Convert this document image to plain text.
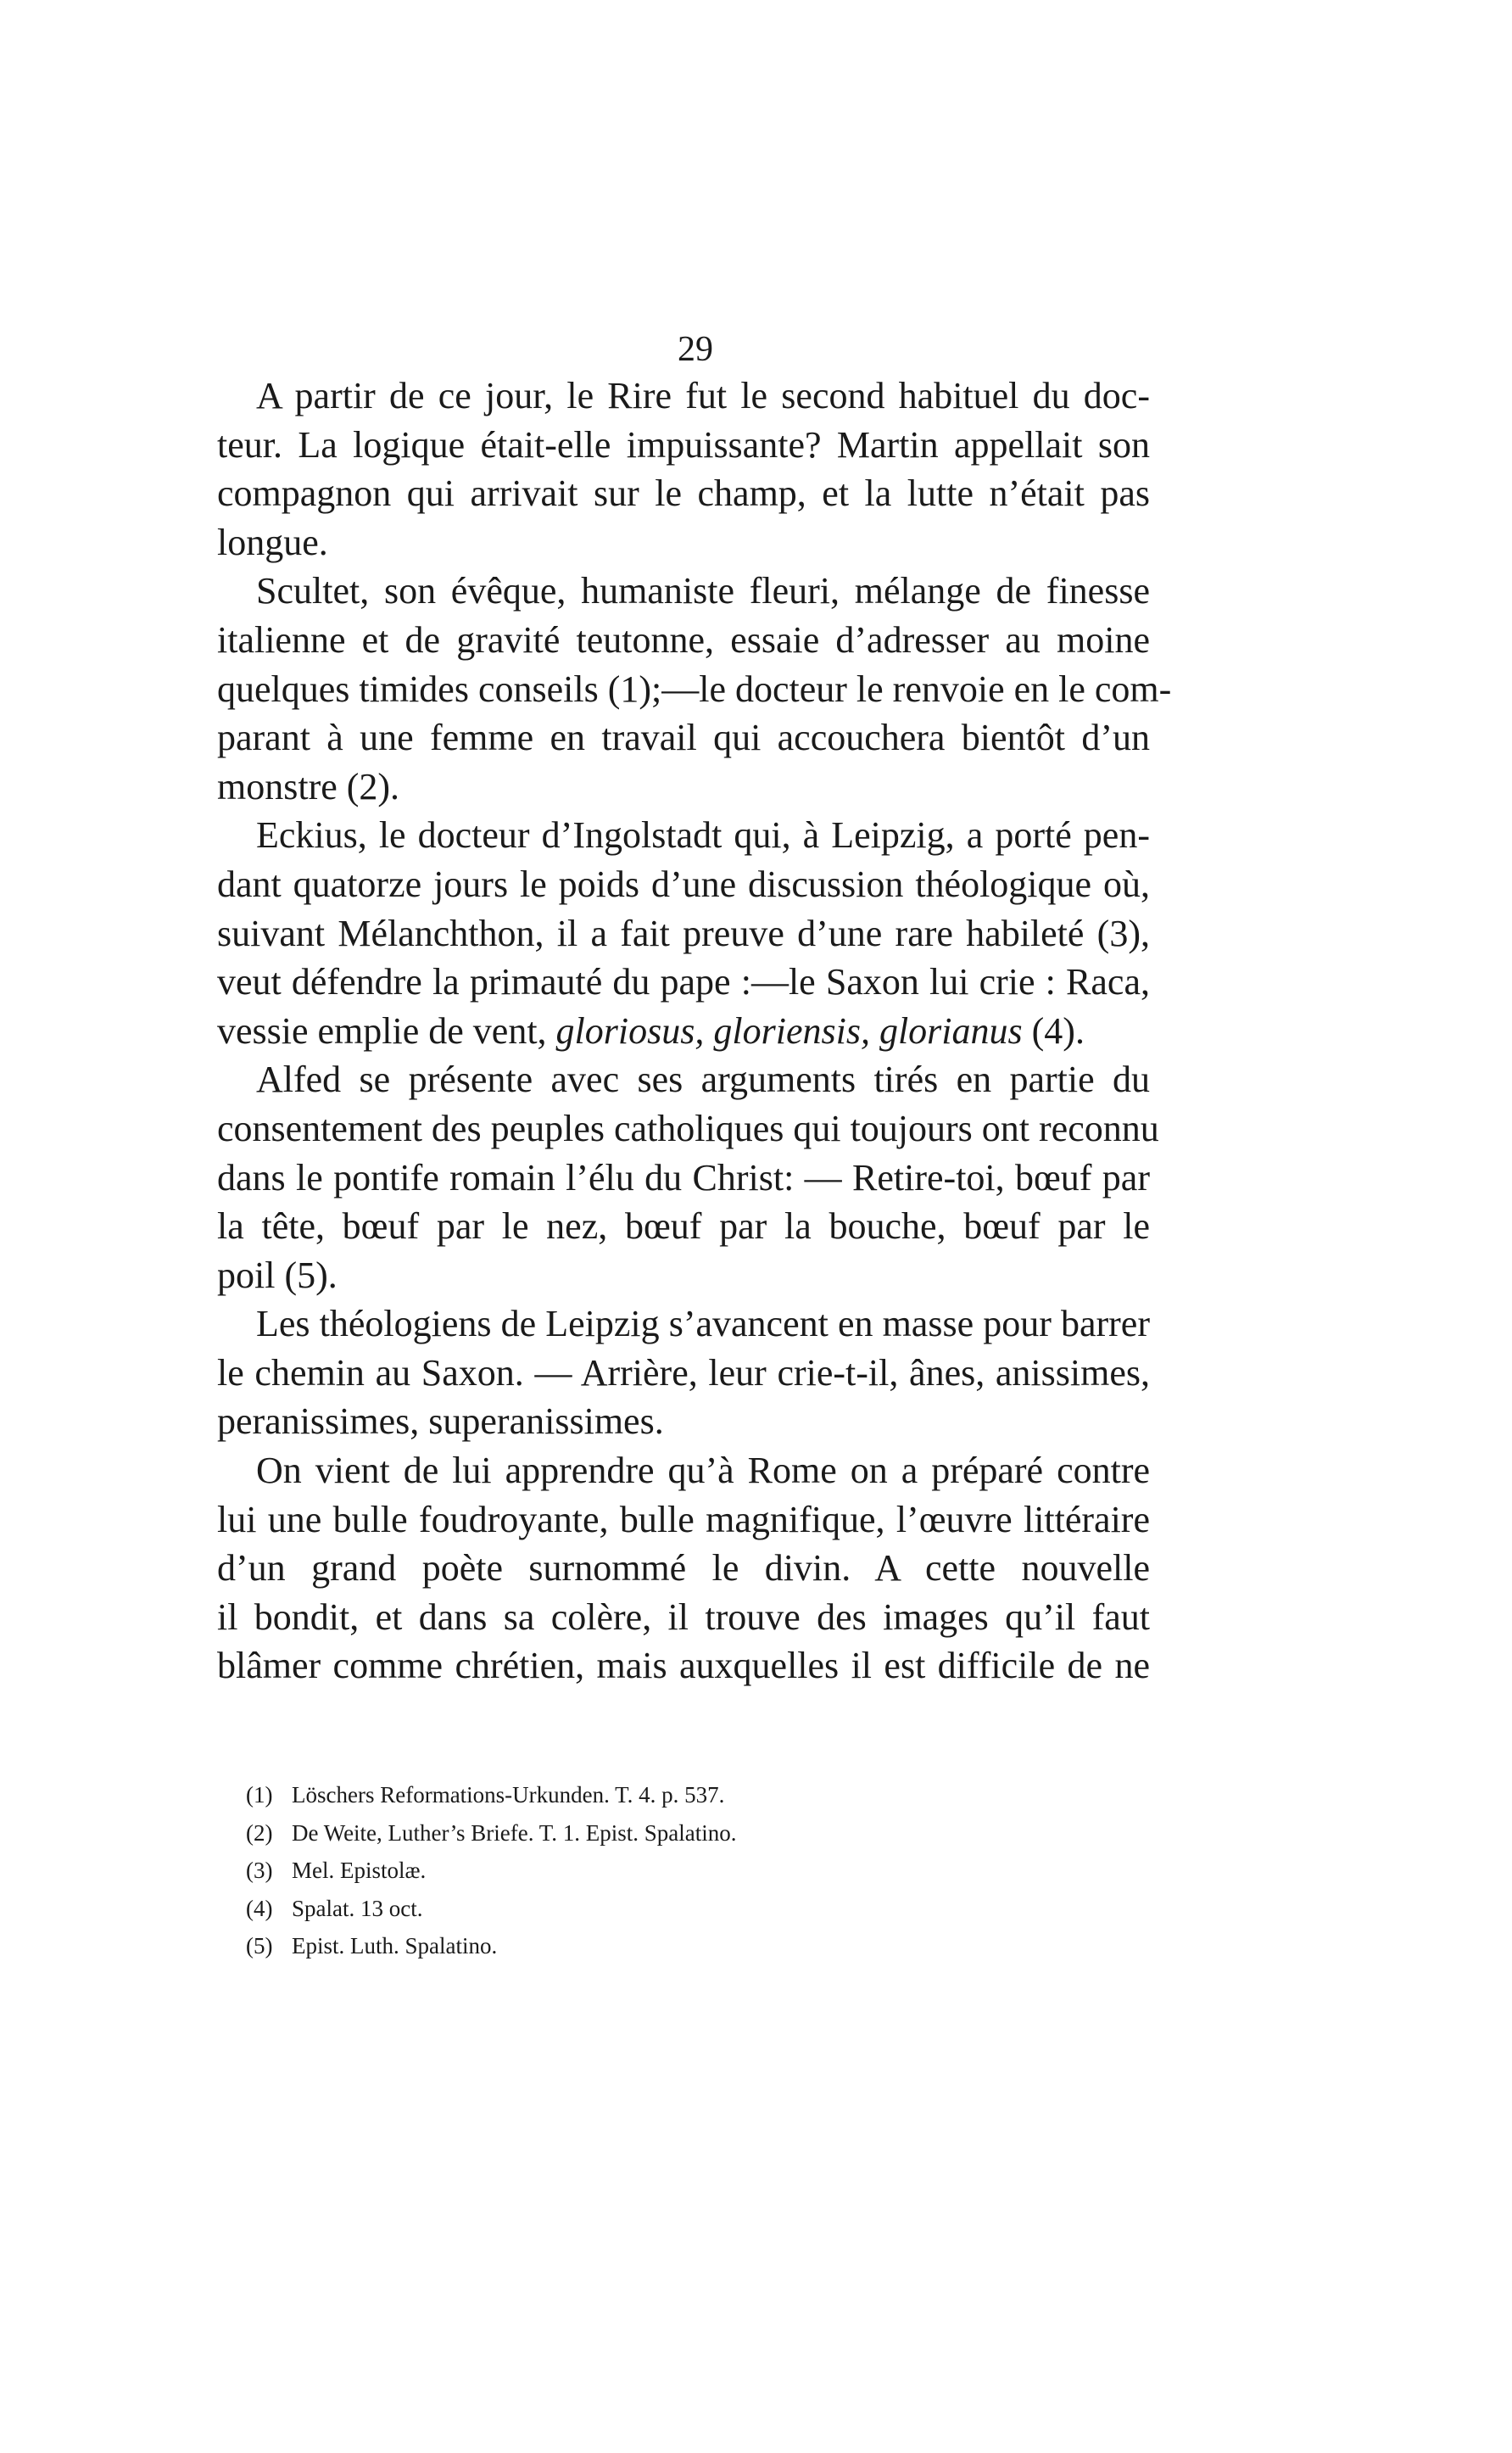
29
A partir de ce jour, le Rire fut le second habituel du doc-
teur. La logique était-elle impuissante? Martin appellait son
compagnon qui arrivait sur le champ, et la lutte n’était pas
longue.
Scultet, son évêque, humaniste fleuri, mélange de finesse
italienne et de gravité teutonne, essaie d’adresser au moine
quelques timides conseils (1);—le docteur le renvoie en le com-
parant à une femme en travail qui accouchera bientôt d’un
monstre (2).
Eckius, le docteur d’Ingolstadt qui, à Leipzig, a porté pen-
dant quatorze jours le poids d’une discussion théologique où,
suivant Mélanchthon, il a fait preuve d’une rare habileté (3),
veut défendre la primauté du pape :—le Saxon lui crie : Raca,
vessie emplie de vent, gloriosus, gloriensis, glorianus (4).
Alfed se présente avec ses arguments tirés en partie du
consentement des peuples catholiques qui toujours ont reconnu
dans le pontife romain l’élu du Christ: — Retire-toi, bœuf par
la tête, bœuf par le nez, bœuf par la bouche, bœuf par le
poil (5).
Les théologiens de Leipzig s’avancent en masse pour barrer
le chemin au Saxon. — Arrière, leur crie-t-il, ânes, anissimes,
peranissimes, superanissimes.
On vient de lui apprendre qu’à Rome on a préparé contre
lui une bulle foudroyante, bulle magnifique, l’œuvre littéraire
d’un grand poète surnommé le divin. A cette nouvelle
il bondit, et dans sa colère, il trouve des images qu’il faut
blâmer comme chrétien, mais auxquelles il est difficile de ne
(1) Löschers Reformations-Urkunden. T. 4. p. 537.
(2) De Weite, Luther’s Briefe. T. 1. Epist. Spalatino.
(3) Mel. Epistolæ.
(4) Spalat. 13 oct.
(5) Epist. Luth. Spalatino.
